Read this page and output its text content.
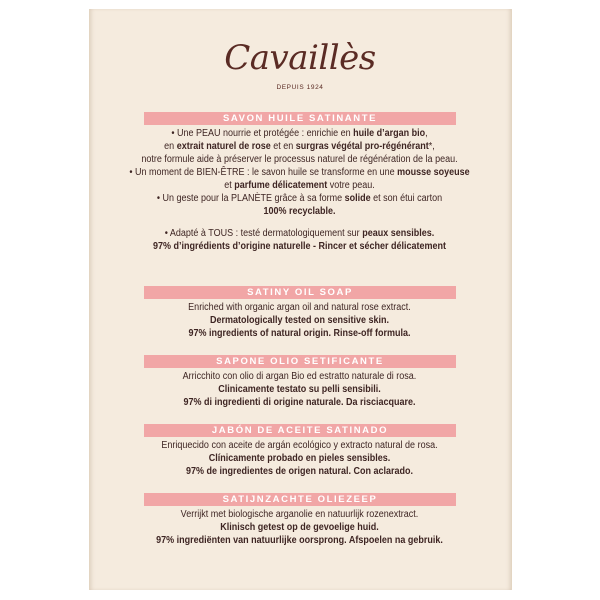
Cavaillès
DEPUIS 1924
SAVON HUILE SATINANTE
SATINY OIL SOAP
SAPONE OLIO SETIFICANTE
JABÓN DE ACEITE SATINADO
SATIJNZACHTE OLIEZEEP
• Une PEAU nourrie et protégée : enrichie en huile d’argan bio,
en extrait naturel de rose et en surgras végétal pro-régénérant*,
notre formule aide à préserver le processus naturel de régénération de la peau.
• Un moment de BIEN-ÊTRE : le savon huile se transforme en une mousse soyeuse
et parfume délicatement votre peau.
• Un geste pour la PLANÈTE grâce à sa forme solide et son étui carton
100% recyclable.
• Adapté à TOUS : testé dermatologiquement sur peaux sensibles.
97% d’ingrédients d’origine naturelle - Rincer et sécher délicatement
Enriched with organic argan oil and natural rose extract.
Dermatologically tested on sensitive skin.
97% ingredients of natural origin. Rinse-off formula.
Arricchito con olio di argan Bio ed estratto naturale di rosa.
Clinicamente testato su pelli sensibili.
97% di ingredienti di origine naturale. Da risciacquare.
Enriquecido con aceite de argán ecológico y extracto natural de rosa.
Clínicamente probado en pieles sensibles.
97% de ingredientes de origen natural. Con aclarado.
Verrijkt met biologische arganolie en natuurlijk rozenextract.
Klinisch getest op de gevoelige huid.
97% ingrediënten van natuurlijke oorsprong. Afspoelen na gebruik.
